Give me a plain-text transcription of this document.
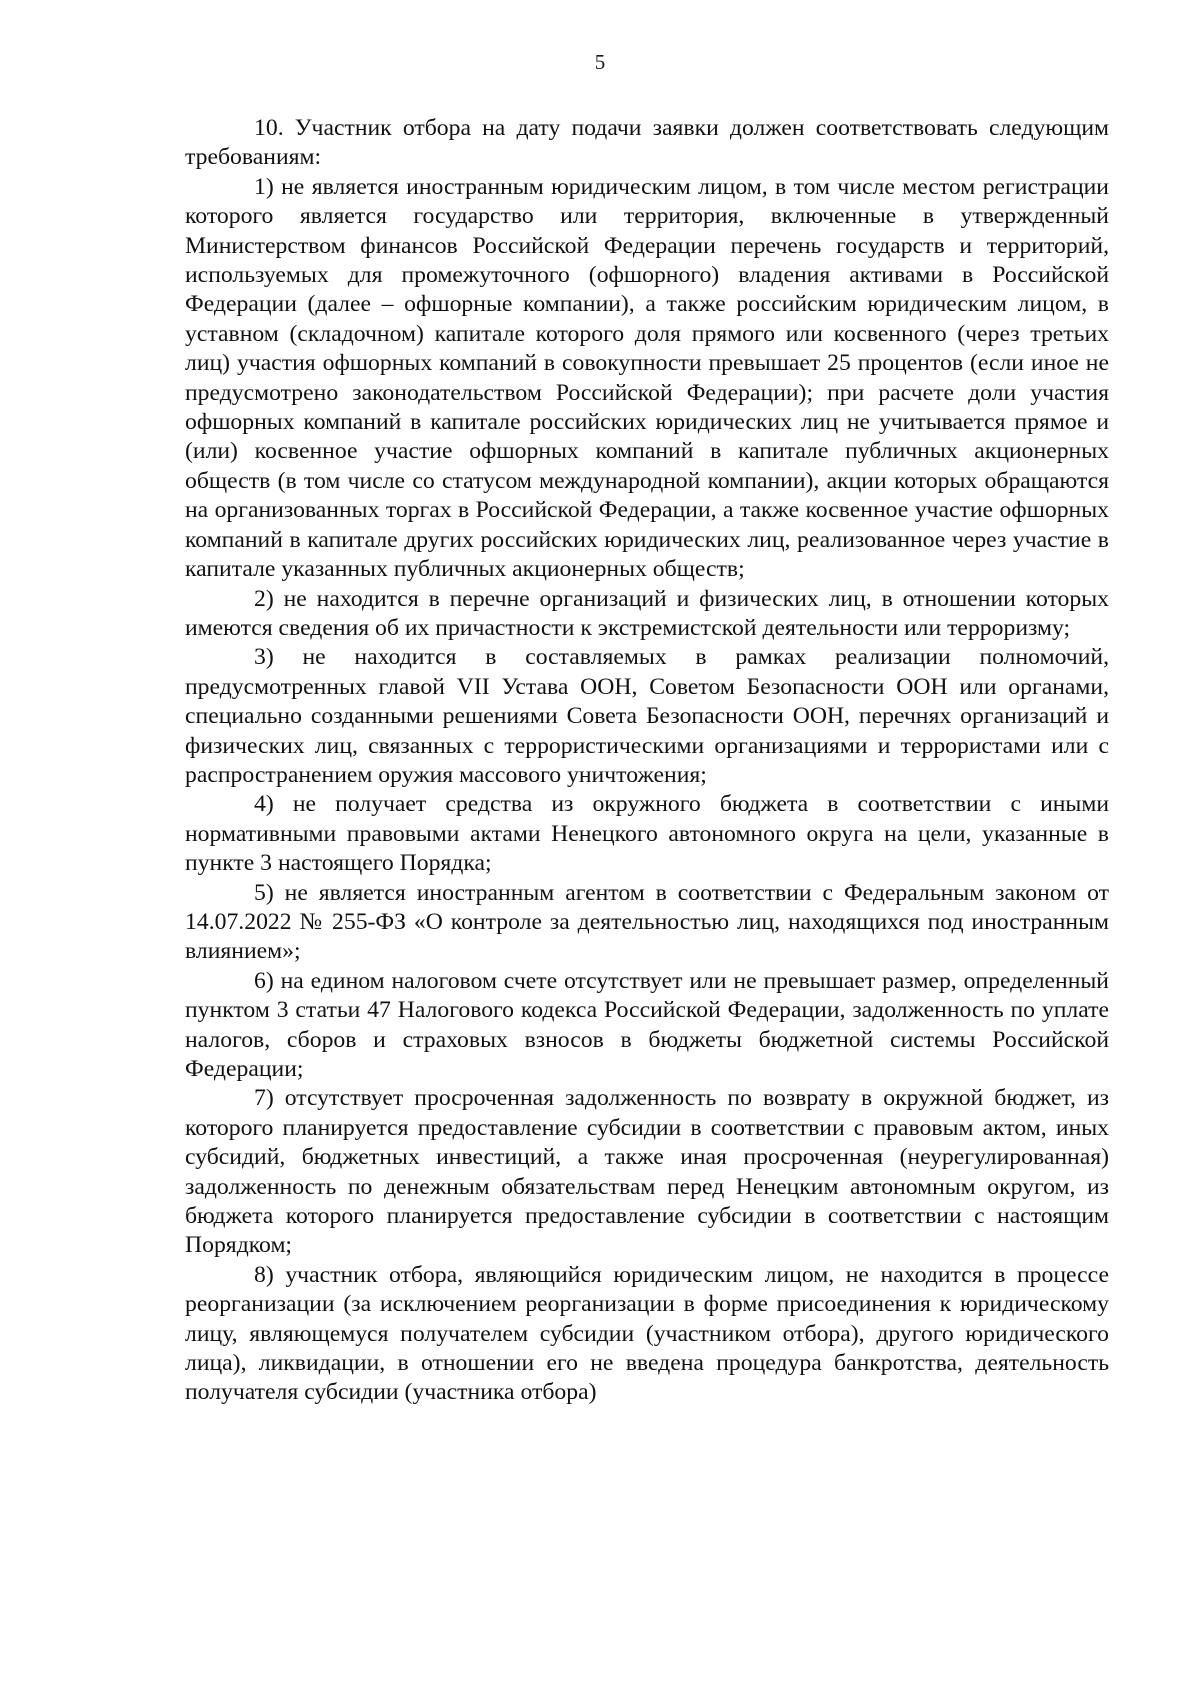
5

10. Участник отбора на дату подачи заявки должен соответствовать следующим требованиям:

1) не является иностранным юридическим лицом, в том числе местом регистрации которого является государство или территория, включенные в утвержденный Министерством финансов Российской Федерации перечень государств и территорий, используемых для промежуточного (офшорного) владения активами в Российской Федерации (далее – офшорные компании), а также российским юридическим лицом, в уставном (складочном) капитале которого доля прямого или косвенного (через третьих лиц) участия офшорных компаний в совокупности превышает 25 процентов (если иное не предусмотрено законодательством Российской Федерации); при расчете доли участия офшорных компаний в капитале российских юридических лиц не учитывается прямое и (или) косвенное участие офшорных компаний в капитале публичных акционерных обществ (в том числе со статусом международной компании), акции которых обращаются на организованных торгах в Российской Федерации, а также косвенное участие офшорных компаний в капитале других российских юридических лиц, реализованное через участие в капитале указанных публичных акционерных обществ;

2) не находится в перечне организаций и физических лиц, в отношении которых имеются сведения об их причастности к экстремистской деятельности или терроризму;

3) не находится в составляемых в рамках реализации полномочий, предусмотренных главой VII Устава ООН, Советом Безопасности ООН или органами, специально созданными решениями Совета Безопасности ООН, перечнях организаций и физических лиц, связанных с террористическими организациями и террористами или с распространением оружия массового уничтожения;

4) не получает средства из окружного бюджета в соответствии с иными нормативными правовыми актами Ненецкого автономного округа на цели, указанные в пункте 3 настоящего Порядка;

5) не является иностранным агентом в соответствии с Федеральным законом от 14.07.2022 № 255-ФЗ «О контроле за деятельностью лиц, находящихся под иностранным влиянием»;

6) на едином налоговом счете отсутствует или не превышает размер, определенный пунктом 3 статьи 47 Налогового кодекса Российской Федерации, задолженность по уплате налогов, сборов и страховых взносов в бюджеты бюджетной системы Российской Федерации;

7) отсутствует просроченная задолженность по возврату в окружной бюджет, из которого планируется предоставление субсидии в соответствии с правовым актом, иных субсидий, бюджетных инвестиций, а также иная просроченная (неурегулированная) задолженность по денежным обязательствам перед Ненецким автономным округом, из бюджета которого планируется предоставление субсидии в соответствии с настоящим Порядком;

8) участник отбора, являющийся юридическим лицом, не находится в процессе реорганизации (за исключением реорганизации в форме присоединения к юридическому лицу, являющемуся получателем субсидии (участником отбора), другого юридического лица), ликвидации, в отношении его не введена процедура банкротства, деятельность получателя субсидии (участника отбора)
